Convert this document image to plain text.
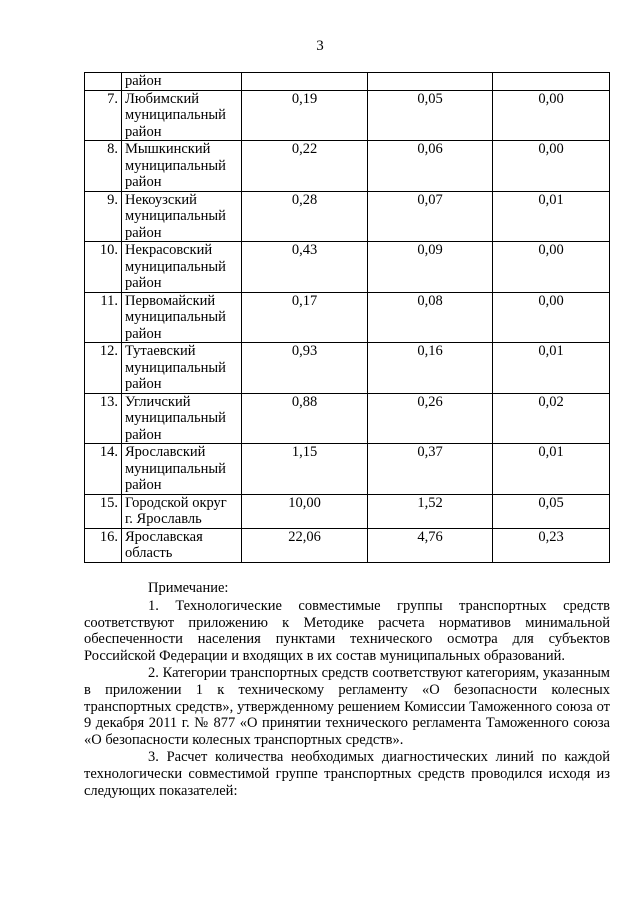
3

	район			

7.	Любимский
муниципальный
район	0,19	0,05	0,00
8.	Мышкинский
муниципальный
район	0,22	0,06	0,00
9.	Некоузский
муниципальный
район	0,28	0,07	0,01
10.	Некрасовский
муниципальный
район	0,43	0,09	0,00
11.	Первомайский
муниципальный
район	0,17	0,08	0,00
12.	Тутаевский
муниципальный
район	0,93	0,16	0,01
13.	Угличский
муниципальный
район	0,88	0,26	0,02
14.	Ярославский
муниципальный
район	1,15	0,37	0,01
15.	Городской округ
г. Ярославль	10,00	1,52	0,05
16.	Ярославская
область	22,06	4,76	0,23

Примечание:

1. Технологические совместимые группы транспортных средств соответствуют приложению к Методике расчета нормативов минимальной обеспеченности населения пунктами технического осмотра для субъектов Российской Федерации и входящих в их состав муниципальных образований.

2. Категории транспортных средств соответствуют категориям, указанным в приложении 1 к техническому регламенту «О безопасности колесных транспортных средств», утвержденному решением Комиссии Таможенного союза от 9 декабря 2011 г. № 877 «О принятии технического регламента Таможенного союза «О безопасности колесных транспортных средств».

3. Расчет количества необходимых диагностических линий по каждой технологически совместимой группе транспортных средств проводился исходя из следующих показателей:
